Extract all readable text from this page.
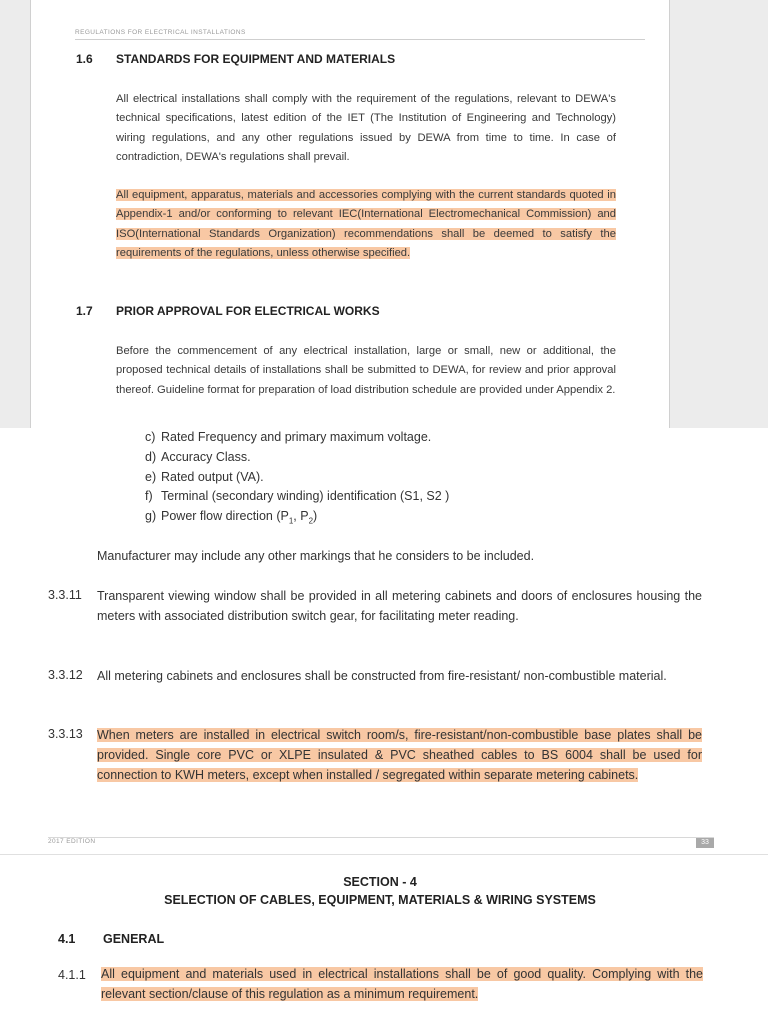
REGULATIONS FOR ELECTRICAL INSTALLATIONS
1.6 STANDARDS FOR EQUIPMENT AND MATERIALS

All electrical installations shall comply with the requirement of the regulations, relevant to DEWA's technical specifications, latest edition of the IET (The Institution of Engineering and Technology) wiring regulations, and any other regulations issued by DEWA from time to time. In case of contradiction, DEWA's regulations shall prevail.

All equipment, apparatus, materials and accessories complying with the current standards quoted in Appendix-1 and/or conforming to relevant IEC(International Electromechanical Commission) and ISO(International Standards Organization) recommendations shall be deemed to satisfy the requirements of the regulations, unless otherwise specified.

1.7 PRIOR APPROVAL FOR ELECTRICAL WORKS

Before the commencement of any electrical installation, large or small, new or additional, the proposed technical details of installations shall be submitted to DEWA, for review and prior approval thereof. Guideline format for preparation of load distribution schedule are provided under Appendix 2.

c) Rated Frequency and primary maximum voltage.
d) Accuracy Class.
e) Rated output (VA).
f) Terminal (secondary winding) identification (S1, S2 )
g) Power flow direction ($P_1$, $P_2$)
Manufacturer may include any other markings that he considers to be included.
3.3.11 Transparent viewing window shall be provided in all metering cabinets and doors of enclosures housing the meters with associated distribution switch gear, for facilitating meter reading.
3.3.12 All metering cabinets and enclosures shall be constructed from fire-resistant/ non-combustible material.
3.3.13 When meters are installed in electrical switch room/s, fire-resistant/non-combustible base plates shall be provided. Single core PVC or XLPE insulated & PVC sheathed cables to BS 6004 shall be used for connection to KWH meters, except when installed / segregated within separate metering cabinets.
2017 EDITION	33
SECTION - 4
SELECTION OF CABLES, EQUIPMENT, MATERIALS & WIRING SYSTEMS
4.1 GENERAL
4.1.1 All equipment and materials used in electrical installations shall be of good quality. Complying with the relevant section/clause of this regulation as a minimum requirement.
